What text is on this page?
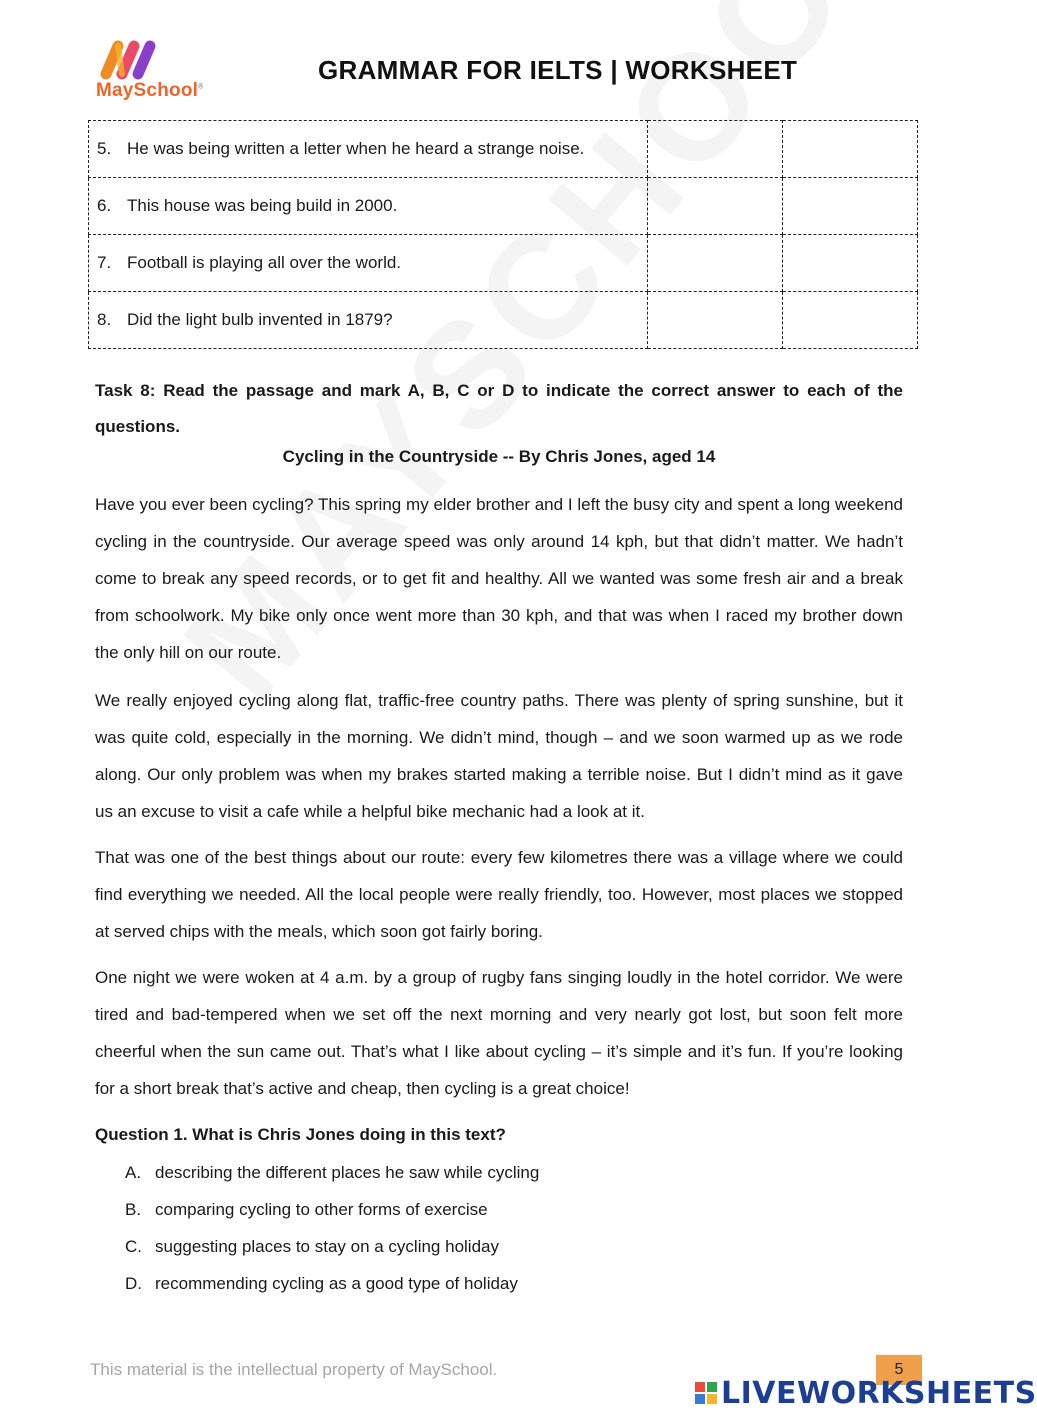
MaySchool®
GRAMMAR FOR IELTS | WORKSHEET
5. He was being written a letter when he heard a strange noise.		
6. This house was being build in 2000.		
7. Football is playing all over the world.		
8. Did the light bulb invented in 1879?		
Task 8: Read the passage and mark A, B, C or D to indicate the correct answer to each of the questions.
Cycling in the Countryside -- By Chris Jones, aged 14

Have you ever been cycling? This spring my elder brother and I left the busy city and spent a long weekend cycling in the countryside. Our average speed was only around 14 kph, but that didn’t matter. We hadn’t come to break any speed records, or to get fit and healthy. All we wanted was some fresh air and a break from schoolwork. My bike only once went more than 30 kph, and that was when I raced my brother down the only hill on our route.

We really enjoyed cycling along flat, traffic-free country paths. There was plenty of spring sunshine, but it was quite cold, especially in the morning. We didn’t mind, though – and we soon warmed up as we rode along. Our only problem was when my brakes started making a terrible noise. But I didn’t mind as it gave us an excuse to visit a cafe while a helpful bike mechanic had a look at it.

That was one of the best things about our route: every few kilometres there was a village where we could find everything we needed. All the local people were really friendly, too. However, most places we stopped at served chips with the meals, which soon got fairly boring.

One night we were woken at 4 a.m. by a group of rugby fans singing loudly in the hotel corridor. We were tired and bad-tempered when we set off the next morning and very nearly got lost, but soon felt more cheerful when the sun came out. That’s what I like about cycling – it’s simple and it’s fun. If you’re looking for a short break that’s active and cheap, then cycling is a great choice!

Question 1. What is Chris Jones doing in this text?
A. describing the different places he saw while cycling
B. comparing cycling to other forms of exercise
C. suggesting places to stay on a cycling holiday
D. recommending cycling as a good type of holiday
This material is the intellectual property of MaySchool.	5
LIVEWORKSHEETS
